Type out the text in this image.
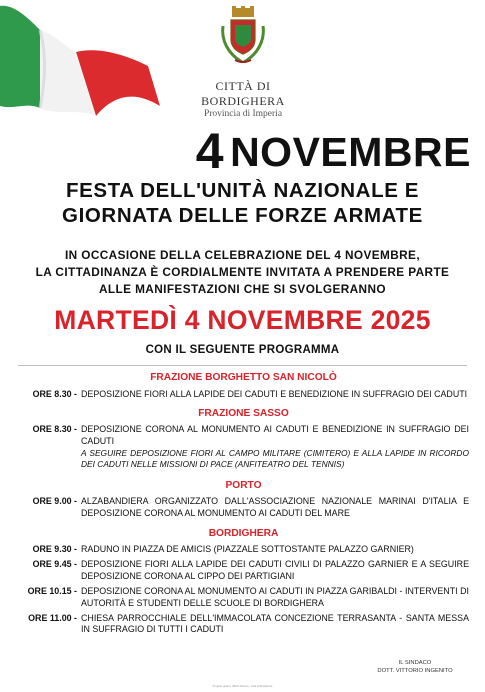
CITTÀ DI BORDIGHERA
Provincia di Imperia
4 NOVEMBRE
FESTA DELL'UNITÀ NAZIONALE E
GIORNATA DELLE FORZE ARMATE
IN OCCASIONE DELLA CELEBRAZIONE DEL 4 NOVEMBRE,
LA CITTADINANZA È CORDIALMENTE INVITATA A PRENDERE PARTE
ALLE MANIFESTAZIONI CHE SI SVOLGERANNO
MARTEDÌ 4 NOVEMBRE 2025
CON IL SEGUENTE PROGRAMMA

FRAZIONE BORGHETTO SAN NICOLÒ

ORE 8.30 - DEPOSIZIONE FIORI ALLA LAPIDE DEI CADUTI E BENEDIZIONE IN SUFFRAGIO DEI CADUTI

FRAZIONE SASSO

ORE 8.30 - DEPOSIZIONE CORONA AL MONUMENTO AI CADUTI E BENEDIZIONE IN SUFFRAGIO DEI CADUTI
A SEGUIRE DEPOSIZIONE FIORI AL CAMPO MILITARE (CIMITERO) E ALLA LAPIDE IN RICORDO DEI CADUTI NELLE MISSIONI DI PACE (ANFITEATRO DEL TENNIS)

PORTO

ORE 9.00 - ALZABANDIERA ORGANIZZATO DALL'ASSOCIAZIONE NAZIONALE MARINAI D'ITALIA E DEPOSIZIONE CORONA AL MONUMENTO AI CADUTI DEL MARE

BORDIGHERA

ORE 9.30 - RADUNO IN PIAZZA DE AMICIS (PIAZZALE SOTTOSTANTE PALAZZO GARNIER)
ORE 9.45 - DEPOSIZIONE FIORI ALLA LAPIDE DEI CADUTI CIVILI DI PALAZZO GARNIER E A SEGUIRE DEPOSIZIONE CORONA AL CIPPO DEI PARTIGIANI
ORE 10.15 - DEPOSIZIONE CORONA AL MONUMENTO AI CADUTI IN PIAZZA GARIBALDI - INTERVENTI DI AUTORITÀ E STUDENTI DELLE SCUOLE DI BORDIGHERA
ORE 11.00 - CHIESA PARROCCHIALE DELL'IMMACOLATA CONCEZIONE TERRASANTA - SANTA MESSA IN SUFFRAGIO DI TUTTI I CADUTI
IL SINDACO
DOTT. VITTORIO INGENITO
Progetto grafico Ufficio Stampa - Città di Bordighera
